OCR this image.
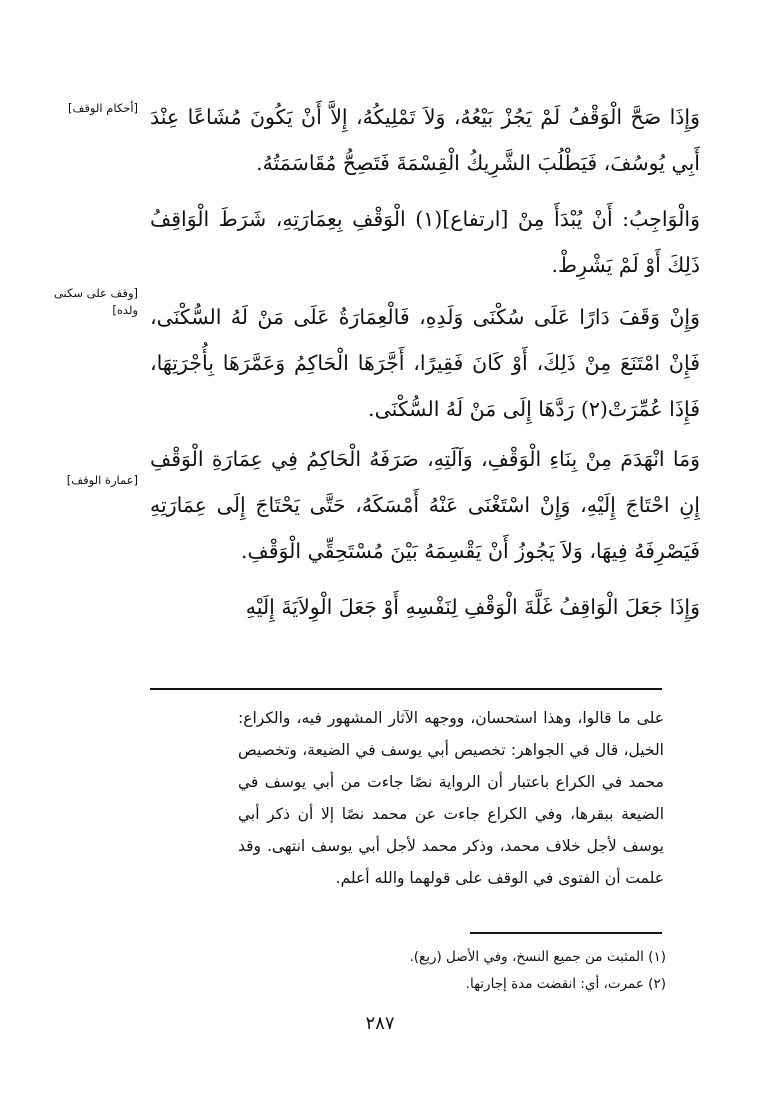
[أحكام الوقف]
[وقف على سكنى ولده]
[عمارة الوقف]

وَإِذَا صَحَّ الْوَقْفُ لَمْ يَجُزْ بَيْعُهُ، وَلاَ تَمْلِيكُهُ، إِلاَّ أَنْ يَكُونَ مُشَاعًا عِنْدَ أَبِي يُوسُفَ، فَيَطْلُبَ الشَّرِيكُ الْقِسْمَةَ فَتَصِحُّ مُقَاسَمَتُهُ.

وَالْوَاجِبُ: أَنْ يُبْدَأَ مِنْ [ارتفاع](١) الْوَقْفِ بِعِمَارَتِهِ، شَرَطَ الْوَاقِفُ ذَلِكَ أَوْ لَمْ يَشْرِطْ.

وَإِنْ وَقَفَ دَارًا عَلَى سُكْنَى وَلَدِهِ، فَالْعِمَارَةُ عَلَى مَنْ لَهُ السُّكْنَى، فَإِنْ امْتَنَعَ مِنْ ذَلِكَ، أَوْ كَانَ فَقِيرًا، أَجَّرَهَا الْحَاكِمُ وَعَمَّرَهَا بِأُجْرَتِهَا، فَإِذَا عُمِّرَتْ(٢) رَدَّهَا إِلَى مَنْ لَهُ السُّكْنَى.

وَمَا انْهَدَمَ مِنْ بِنَاءِ الْوَقْفِ، وَآلَتِهِ، صَرَفَهُ الْحَاكِمُ فِي عِمَارَةِ الْوَقْفِ إِنِ احْتَاجَ إِلَيْهِ، وَإِنْ اسْتَغْنَى عَنْهُ أَمْسَكَهُ، حَتَّى يَحْتَاجَ إِلَى عِمَارَتِهِ فَيَصْرِفَهُ فِيهَا، وَلاَ يَجُوزُ أَنْ يَقْسِمَهُ بَيْنَ مُسْتَحِقِّي الْوَقْفِ.

وَإِذَا جَعَلَ الْوَاقِفُ غَلَّةَ الْوَقْفِ لِنَفْسِهِ أَوْ جَعَلَ الْوِلاَيَةَ إِلَيْهِ

على ما قالوا، وهذا استحسان، ووجهه الآثار المشهور فيه، والكراع: الخيل، قال في الجواهر: تخصيص أبي يوسف في الضيعة، وتخصيص محمد في الكراع باعتبار أن الرواية نصًا جاءت من أبي يوسف في الضيعة ببقرها، وفي الكراع جاءت عن محمد نصًا إلا أن ذكر أبي يوسف لأجل خلاف محمد، وذكر محمد لأجل أبي يوسف انتهى. وقد علمت أن الفتوى في الوقف على قولهما والله أعلم.

(١) المثبت من جميع النسخ، وفي الأصل (ريع).

(٢) عمرت، أي: انقضت مدة إجارتها.

٢٨٧
